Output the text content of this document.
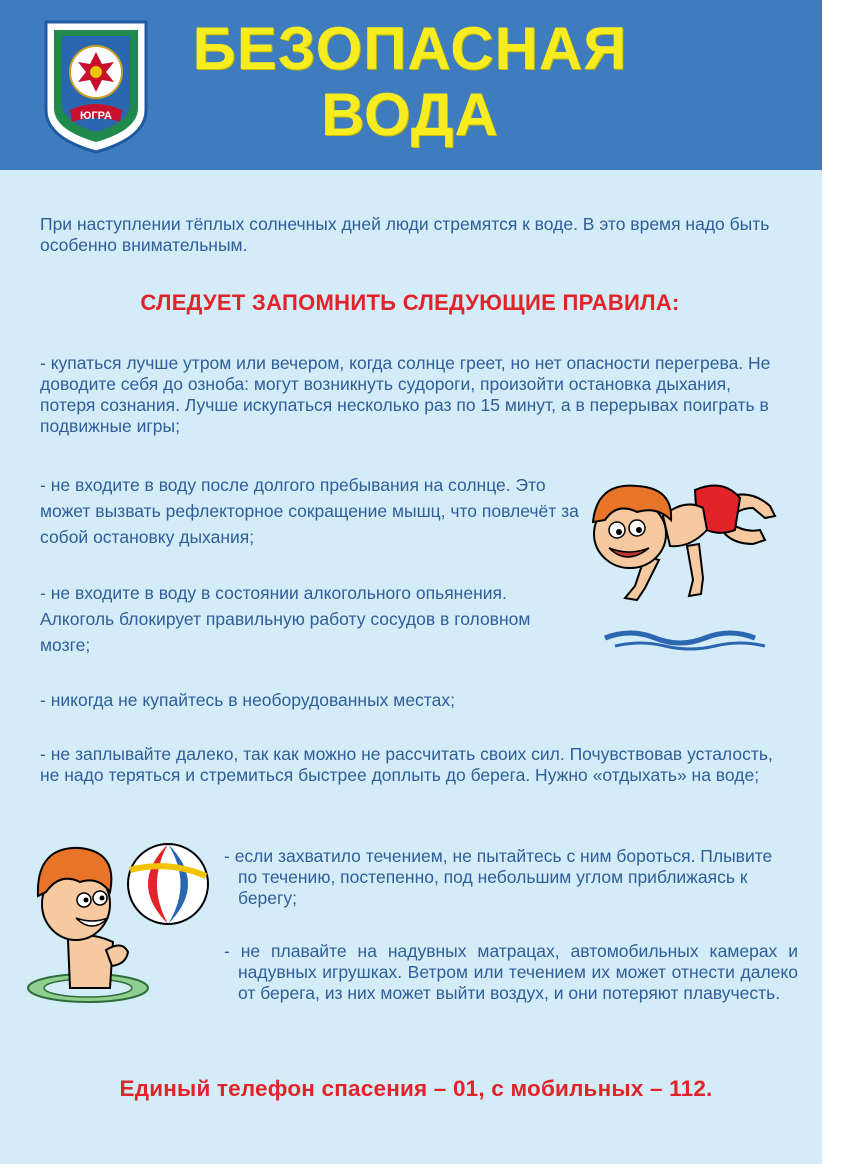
ЮГРА
БЕЗОПАСНАЯ
ВОДА
При наступлении тёплых солнечных дней люди стремятся к воде. В это время надо быть особенно внимательным.
СЛЕДУЕТ ЗАПОМНИТЬ СЛЕДУЮЩИЕ ПРАВИЛА:
- купаться лучше утром или вечером, когда солнце греет, но нет опасности перегрева. Не доводите себя до озноба: могут возникнуть судороги, произойти остановка дыхания, потеря сознания. Лучше искупаться несколько раз по 15 минут, а в перерывах поиграть в подвижные игры;
- не входите в воду после долгого пребывания на солнце. Это может вызвать рефлекторное сокращение мышц, что повлечёт за собой остановку дыхания;
- не входите в воду в состоянии алкогольного опьянения. Алкоголь блокирует правильную работу сосудов в головном мозге;
- никогда не купайтесь в необорудованных местах;
- не заплывайте далеко, так как можно не рассчитать своих сил. Почувствовав усталость, не надо теряться и стремиться быстрее доплыть до берега. Нужно «отдыхать» на воде;
- если захватило течением, не пытайтесь с ним бороться. Плывите по течению, постепенно, под небольшим углом приближаясь к берегу;
- не плавайте на надувных матрацах, автомобильных камерах и надувных игрушках. Ветром или течением их может отнести далеко от берега, из них может выйти воздух, и они потеряют плавучесть.
Единый телефон спасения – 01, с мобильных – 112.
